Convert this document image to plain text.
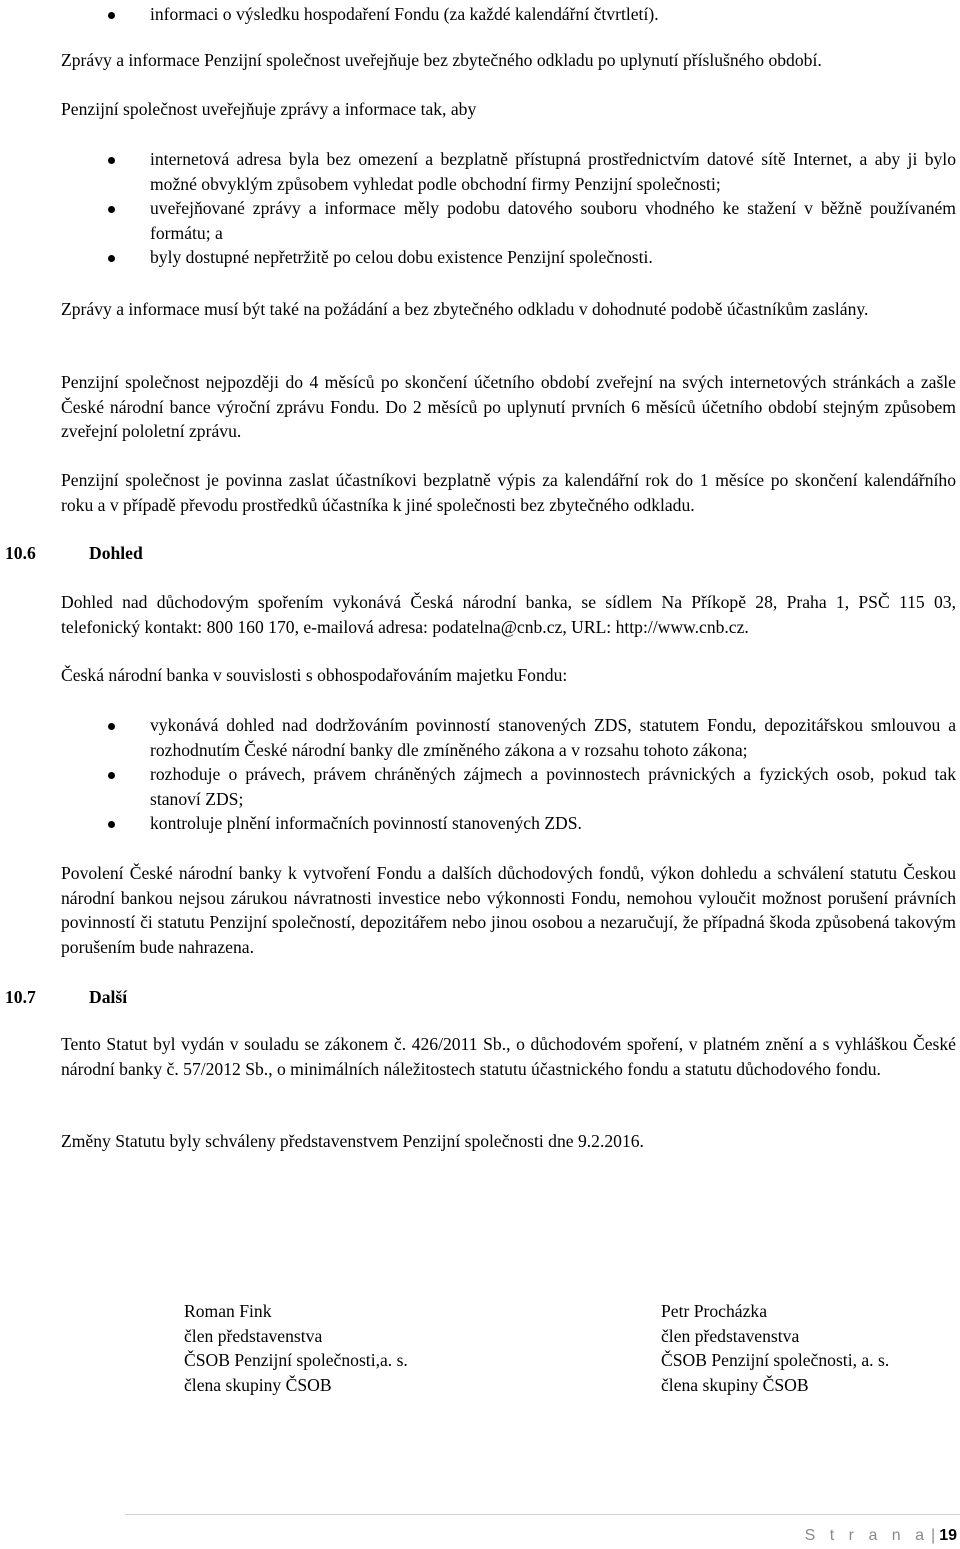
informaci o výsledku hospodaření Fondu (za každé kalendářní čtvrtletí).
Zprávy a informace Penzijní společnost uveřejňuje bez zbytečného odkladu po uplynutí příslušného období.
Penzijní společnost uveřejňuje zprávy a informace tak, aby
internetová adresa byla bez omezení a bezplatně přístupná prostřednictvím datové sítě Internet, a aby ji bylo možné obvyklým způsobem vyhledat podle obchodní firmy Penzijní společnosti;
uveřejňované zprávy a informace měly podobu datového souboru vhodného ke stažení v běžně používaném formátu; a
byly dostupné nepřetržitě po celou dobu existence Penzijní společnosti.
Zprávy a informace musí být také na požádání a bez zbytečného odkladu v dohodnuté podobě účastníkům zaslány.
Penzijní společnost nejpozději do 4 měsíců po skončení účetního období zveřejní na svých internetových stránkách a zašle České národní bance výroční zprávu Fondu. Do 2 měsíců po uplynutí prvních 6 měsíců účetního období stejným způsobem zveřejní pololetní zprávu.
Penzijní společnost je povinna zaslat účastníkovi bezplatně výpis za kalendářní rok do 1 měsíce po skončení kalendářního roku a v případě převodu prostředků účastníka k jiné společnosti bez zbytečného odkladu.
10.6	Dohled
Dohled nad důchodovým spořením vykonává Česká národní banka, se sídlem Na Příkopě 28, Praha 1, PSČ 115 03, telefonický kontakt: 800 160 170, e-mailová adresa: podatelna@cnb.cz, URL: http://www.cnb.cz.
Česká národní banka v souvislosti s obhospodařováním majetku Fondu:
vykonává dohled nad dodržováním povinností stanovených ZDS, statutem Fondu, depozitářskou smlouvou a rozhodnutím České národní banky dle zmíněného zákona a v rozsahu tohoto zákona;
rozhoduje o právech, právem chráněných zájmech a povinnostech právnických a fyzických osob, pokud tak stanoví ZDS;
kontroluje plnění informačních povinností stanovených ZDS.
Povolení České národní banky k vytvoření Fondu a dalších důchodových fondů, výkon dohledu a schválení statutu Českou národní bankou nejsou zárukou návratnosti investice nebo výkonnosti Fondu, nemohou vyloučit možnost porušení právních povinností či statutu Penzijní společností, depozitářem nebo jinou osobou a nezaručují, že případná škoda způsobená takovým porušením bude nahrazena.
10.7	Další
Tento Statut byl vydán v souladu se zákonem č. 426/2011 Sb., o důchodovém spoření, v platném znění a s vyhláškou České národní banky č. 57/2012 Sb., o minimálních náležitostech statutu účastnického fondu a statutu důchodového fondu.
Změny Statutu byly schváleny představenstvem Penzijní společnosti dne 9.2.2016.
Roman Fink
člen představenstva
ČSOB Penzijní společnosti,a. s.
člena skupiny ČSOB
Petr Procházka
člen představenstva
ČSOB Penzijní společnosti, a. s.
člena skupiny ČSOB
S t r a n a | 19
